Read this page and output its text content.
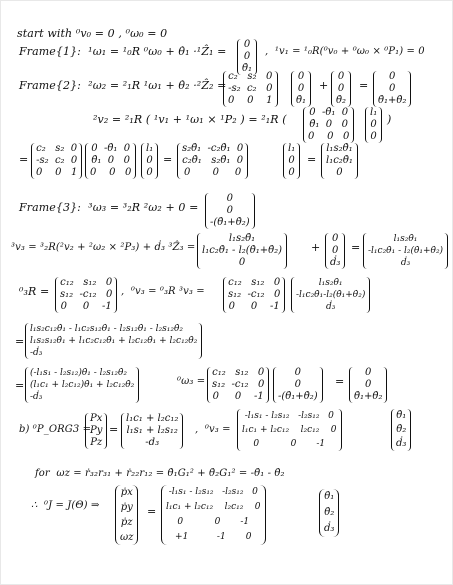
start with ⁰v₀ = 0 , ⁰ω₀ = 0
Frame{1}:  ¹ω₁ = ¹₀R ⁰ω₀ + θ̇₁ ·¹Ẑ₁ =
0
0
θ̇₁
,  ¹v₁ = ¹₀R(⁰v₀ + ⁰ω₀ × ⁰P₁) = 0
Frame{2}:  ²ω₂ = ²₁R ¹ω₁ + θ̇₂ ·²Ẑ₂ =
c₂   s₂   0
-s₂  c₂   0
0    0    1
0
0
θ̇₁
+
0
0
θ̇₂
=
0
0
θ̇₁+θ̇₂
²v₂ = ²₁R ( ¹v₁ + ¹ω₁ × ¹P₂ ) = ²₁R (
0  -θ̇₁  0
θ̇₁  0   0
0    0   0
l₁
0
0
)
=
c₂   s₂  0
-s₂  c₂  0
0    0   1
0  -θ̇₁  0
θ̇₁  0   0
0    0   0
l₁
0
0
=
s₂θ̇₁  -c₂θ̇₁  0
c₂θ̇₁   s₂θ̇₁  0
0       0     0
l₁
0
0
=
l₁s₂θ̇₁
l₁c₂θ̇₁
0
Frame{3}:  ³ω₃ = ³₂R ²ω₂ + 0 =
0
0
-(θ̇₁+θ̇₂)
³v₃ = ³₂R(²v₂ + ²ω₂ × ²P₃) + ḋ₃ ³Ẑ₃ =
l₁s₂θ̇₁
l₁c₂θ̇₁ - l₂(θ̇₁+θ̇₂)
0
+
0
0
ḋ₃
=
l₁s₂θ̇₁
-l₁c₂θ̇₁ - l₂(θ̇₁+θ̇₂)
ḋ₃
⁰₃R =
c₁₂   s₁₂   0
s₁₂  -c₁₂   0
0     0    -1
,  ⁰v₃ = ⁰₃R ³v₃ =
c₁₂   s₁₂   0
s₁₂  -c₁₂   0
0     0    -1
l₁s₂θ̇₁
-l₁c₂θ̇₁-l₂(θ̇₁+θ̇₂)
ḋ₃
=
l₁s₂c₁₂θ̇₁ - l₁c₂s₁₂θ̇₁ - l₂s₁₂θ̇₁ - l₂s₁₂θ̇₂
l₁s₂s₁₂θ̇₁ + l₁c₂c₁₂θ̇₁ + l₂c₁₂θ̇₁ + l₂c₁₂θ̇₂
-ḋ₃
=
(-l₁s₁ - l₂s₁₂)θ̇₁ - l₂s₁₂θ̇₂
(l₁c₁ + l₂c₁₂)θ̇₁ + l₂c₁₂θ̇₂
-ḋ₃
⁰ω₃ =
c₁₂   s₁₂   0
s₁₂  -c₁₂   0
0     0    -1
0
0
-(θ̇₁+θ̇₂)
=
0
0
θ̇₁+θ̇₂
b) ⁰P_ORG3 =
Px
Py
Pz
=
l₁c₁ + l₂c₁₂
l₁s₁ + l₂s₁₂
-d₃
,  ⁰v₃ =
-l₁s₁ - l₂s₁₂   -l₂s₁₂   0
l₁c₁ + l₂c₁₂    l₂c₁₂    0
0           0       -1
θ̇₁
θ̇₂
ḋ₃
for  ωz = ṙ₃₂r₃₁ + ṙ₂₂r₁₂ = θ̇₁G₁² + θ̇₂G₁² = -θ̇₁ - θ̇₂
∴  ⁰J = J(Θ) ⇒
ṗx
ṗy
ṗz
ωz
=
-l₁s₁ - l₂s₁₂   -l₂s₁₂   0
l₁c₁ + l₂c₁₂    l₂c₁₂    0
0           0       -1
+1          -1       0
θ̇₁
θ̇₂
ḋ₃
